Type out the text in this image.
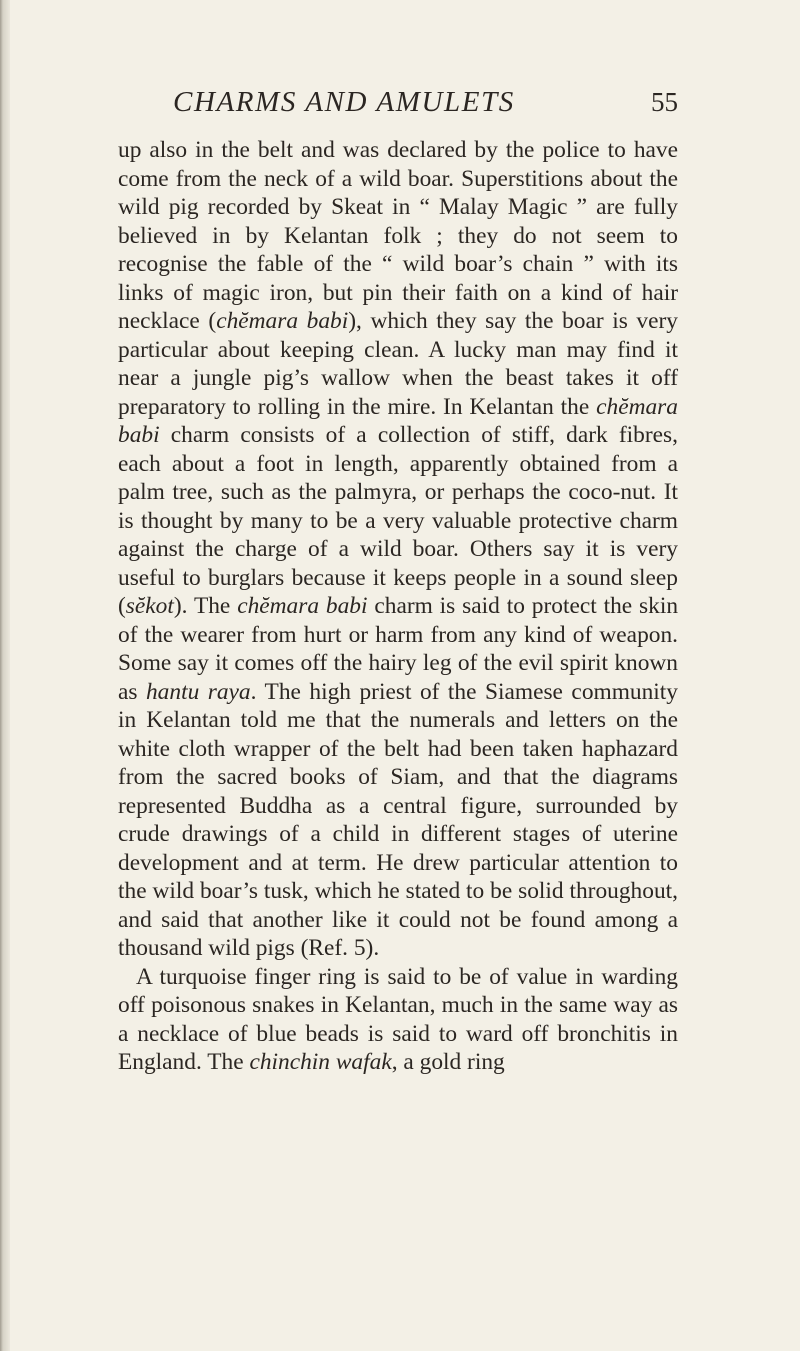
CHARMS AND AMULETS	55

up also in the belt and was declared by the police to have come from the neck of a wild boar. Superstitions about the wild pig recorded by Skeat in “ Malay Magic ” are fully believed in by Kelantan folk ; they do not seem to recognise the fable of the “ wild boar’s chain ” with its links of magic iron, but pin their faith on a kind of hair necklace (chĕmara babi), which they say the boar is very particular about keeping clean. A lucky man may find it near a jungle pig’s wallow when the beast takes it off preparatory to rolling in the mire. In Kelantan the chĕmara babi charm consists of a collection of stiff, dark fibres, each about a foot in length, apparently obtained from a palm tree, such as the palmyra, or perhaps the coco-nut. It is thought by many to be a very valuable protective charm against the charge of a wild boar. Others say it is very useful to burglars because it keeps people in a sound sleep (sĕkot). The chĕmara babi charm is said to protect the skin of the wearer from hurt or harm from any kind of weapon. Some say it comes off the hairy leg of the evil spirit known as hantu raya. The high priest of the Siamese community in Kelantan told me that the numerals and letters on the white cloth wrapper of the belt had been taken haphazard from the sacred books of Siam, and that the diagrams represented Buddha as a central figure, surrounded by crude drawings of a child in different stages of uterine development and at term. He drew particular attention to the wild boar’s tusk, which he stated to be solid throughout, and said that another like it could not be found among a thousand wild pigs (Ref. 5).

A turquoise finger ring is said to be of value in warding off poisonous snakes in Kelantan, much in the same way as a necklace of blue beads is said to ward off bronchitis in England. The chinchin wafak, a gold ring
